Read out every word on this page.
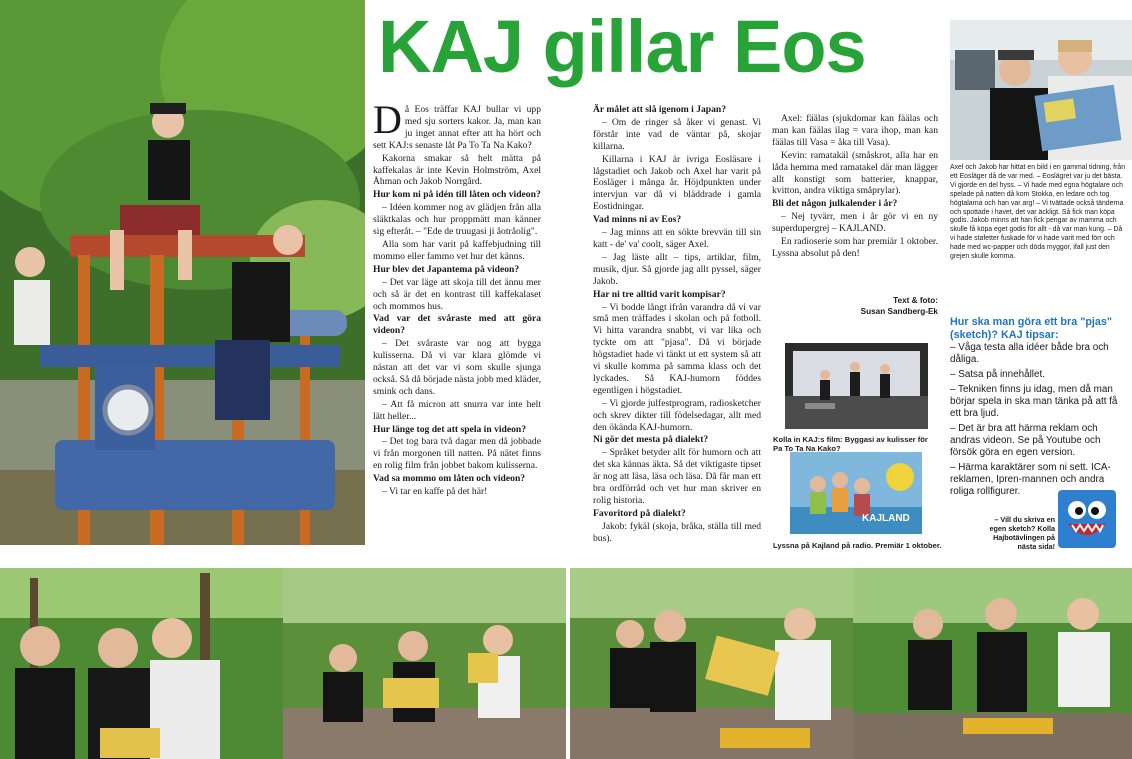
KAJLAND
KAJ gillar Eos

Då Eos träffar KAJ bullar vi upp med sju sorters kakor. Ja, man kan ju inget annat efter att ha hört och sett KAJ:s senaste låt Pa To Ta Na Kako?

Kakorna smakar så helt mätta på kaffekalas är inte Kevin Holmström, Axel Åhman och Jakob Norrgård.

Hur kom ni på idén till låten och videon?

– Idéen kommer nog av glädjen från alla släktkalas och hur proppmätt man känner sig efteråt. – "Ede de truugasi ji åotråolig".

Alla som har varit på kaffebjudning till mommo eller fammo vet hur det känns.

Hur blev det Japantema på videon?

– Det var läge att skoja till det ännu mer och så är det en kontrast till kaffekalaset och mommos hus.

Vad var det svåraste med att göra videon?

– Det svåraste var nog att bygga kulisserna. Då vi var klara glömde vi nästan att det var vi som skulle sjunga också. Så då började nästa jobb med kläder, smink och dans.

– Att få micron att snurra var inte helt lätt heller...

Hur länge tog det att spela in videon?

– Det tog bara två dagar men då jobbade vi från morgonen till natten. På nätet finns en rolig film från jobbet bakom kulisserna.

Vad sa mommo om låten och videon?

– Vi tar en kaffe på det här!

Är målet att slå igenom i Japan?

– Om de ringer så åker vi genast. Vi förstår inte vad de väntar på, skojar killarna.

Killarna i KAJ är ivriga Eosläsare i lågstadiet och Jakob och Axel har varit på Eosläger i många år. Höjdpunkten under intervjun var då vi bläddrade i gamla Eostidningar.

Vad minns ni av Eos?

– Jag minns att en sökte brevvän till sin katt - de' va' coolt, säger Axel.

– Jag läste allt – tips, artiklar, film, musik, djur. Så gjorde jag allt pyssel, säger Jakob.

Har ni tre alltid varit kompisar?

– Vi bodde långt ifrån varandra då vi var små men träffades i skolan och på fotboll. Vi hitta varandra snabbt, vi var lika och tyckte om att "pjasa". Då vi började högstadiet hade vi tänkt ut ett system så att vi skulle komma på samma klass och det lyckades. Så KAJ-humorn föddes egentligen i högstadiet.

– Vi gjorde julfestprogram, radiosketcher och skrev dikter till födelsedagar, allt med den ökända KAJ-humorn.

Ni gör det mesta på dialekt?

– Språket betyder allt för humorn och att det ska kännas äkta. Så det viktigaste tipset är nog att läsa, läsa och läsa. Då får man ett bra ordförråd och vet hur man skriver en rolig historia.

Favoritord på dialekt?

Jakob: fykäl (skoja, bråka, ställa till med bus).

Axel: fäälas (sjukdomar kan fäälas och man kan fäälas ilag = vara ihop, man kan fäälas till Vasa = åka till Vasa).

Kevin: ramatakäl (småskrot, alla har en låda hemma med ramatakel där man lägger allt konstigt som batterier, knappar, kvitton, andra viktiga småprylar).

Bli det någon julkalender i år?

– Nej tyvärr, men i år gör vi en ny superdupergrej – KAJLAND.

En radioserie som har premiär 1 oktober. Lyssna absolut på den!

Text & foto:
Susan Sandberg-Ek
Axel och Jakob har hittat en bild i en gammal tidning, från ett Eosläger då de var med. – Eoslägret var ju det bästa. Vi gjorde en del hyss. – Vi hade med egna högtalare och spelade på natten då kom Stokka, en ledare och tog högtalarna och han var arg! – Vi tvättade också tänderna och spottade i havet, det var äckligt. Så fick man köpa godis. Jakob minns att han fick pengar av mamma och skulle få köpa eget godis för allt - då var man kung. – Då vi hade stafetter fuskade för vi hade varit med förr och hade med wc-papper och döda myggor, ifall just den grejen skulle komma.
Kolla in KAJ:s film: Byggasi av kulisser för Pa To Ta Na Kako?
Lyssna på Kajland på radio. Premiär 1 oktober.
Hur ska man göra ett bra "pjas" (sketch)? KAJ tipsar:
– Våga testa alla idéer både bra och dåliga.
– Satsa på innehållet.
– Tekniken finns ju idag, men då man börjar spela in ska man tänka på att få ett bra ljud.
– Det är bra att härma reklam och andras videon. Se på Youtube och försök göra en egen version.
– Härma karaktärer som ni sett. ICA-reklamen, Ipren-mannen och andra roliga rollfigurer.
– Vill du skriva en egen sketch? Kolla Hajbotävlingen på nästa sida!
